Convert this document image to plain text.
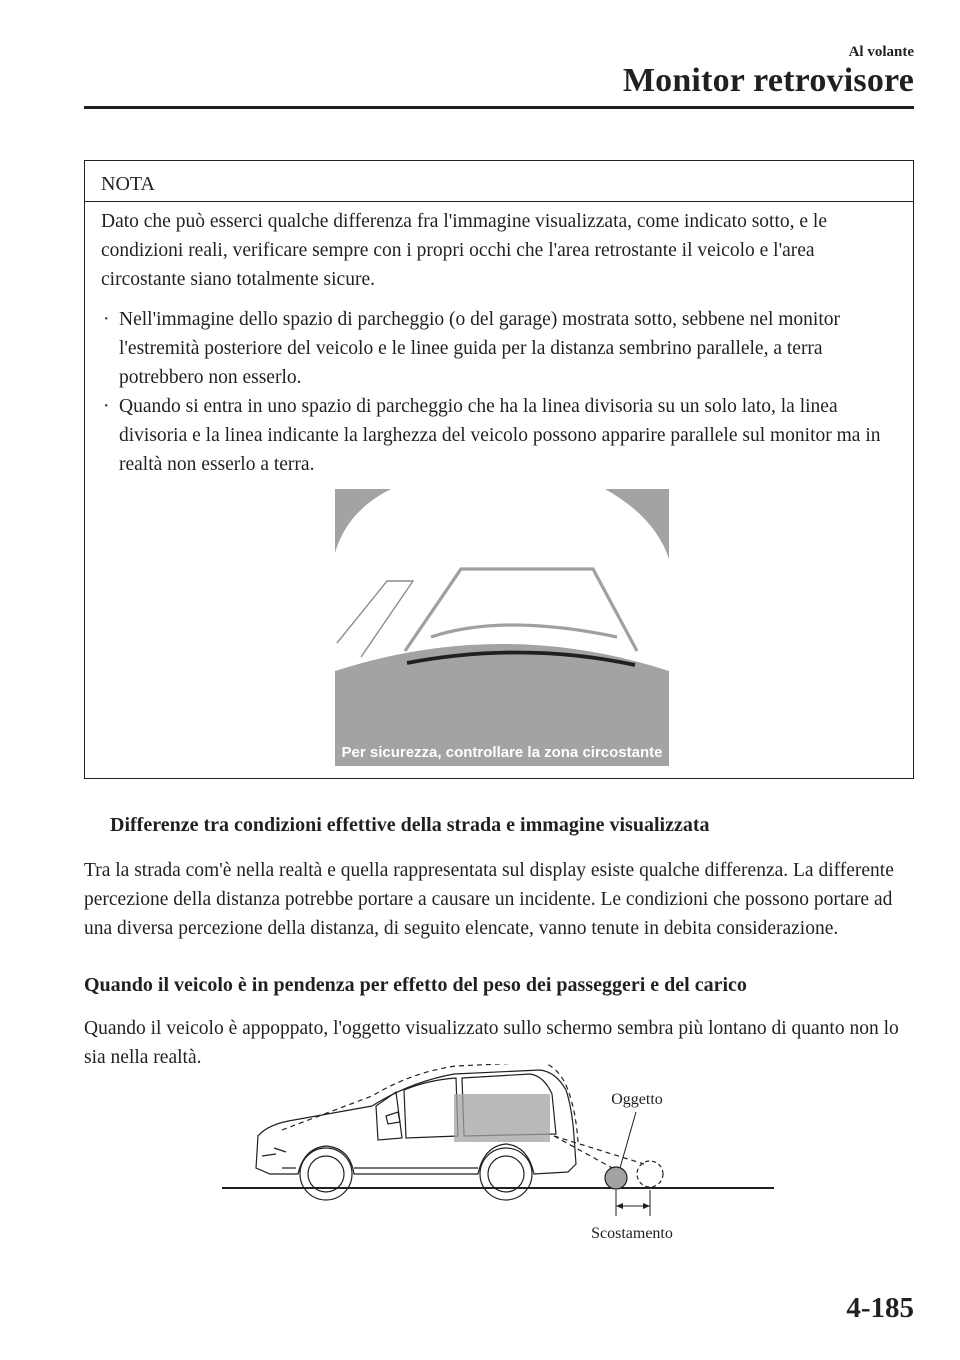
Al volante
Monitor retrovisore
NOTA

Dato che può esserci qualche differenza fra l'immagine visualizzata, come indicato sotto, e le condizioni reali, verificare sempre con i propri occhi che l'area retrostante il veicolo e l'area circostante siano totalmente sicure.

· Nell'immagine dello spazio di parcheggio (o del garage) mostrata sotto, sebbene nel monitor l'estremità posteriore del veicolo e le linee guida per la distanza sembrino parallele, a terra potrebbero non esserlo.
· Quando si entra in uno spazio di parcheggio che ha la linea divisoria su un solo lato, la linea divisoria e la linea indicante la larghezza del veicolo possono apparire parallele sul monitor ma in realtà non esserlo a terra.
Per sicurezza, controllare la zona circostante
Differenze tra condizioni effettive della strada e immagine visualizzata

Tra la strada com'è nella realtà e quella rappresentata sul display esiste qualche differenza. La differente percezione della distanza potrebbe portare a causare un incidente. Le condizioni che possono portare ad una diversa percezione della distanza, di seguito elencate, vanno tenute in debita considerazione.

Quando il veicolo è in pendenza per effetto del peso dei passeggeri e del carico

Quando il veicolo è appoppato, l'oggetto visualizzato sullo schermo sembra più lontano di quanto non lo sia nella realtà.

Oggetto
Scostamento
4-185
